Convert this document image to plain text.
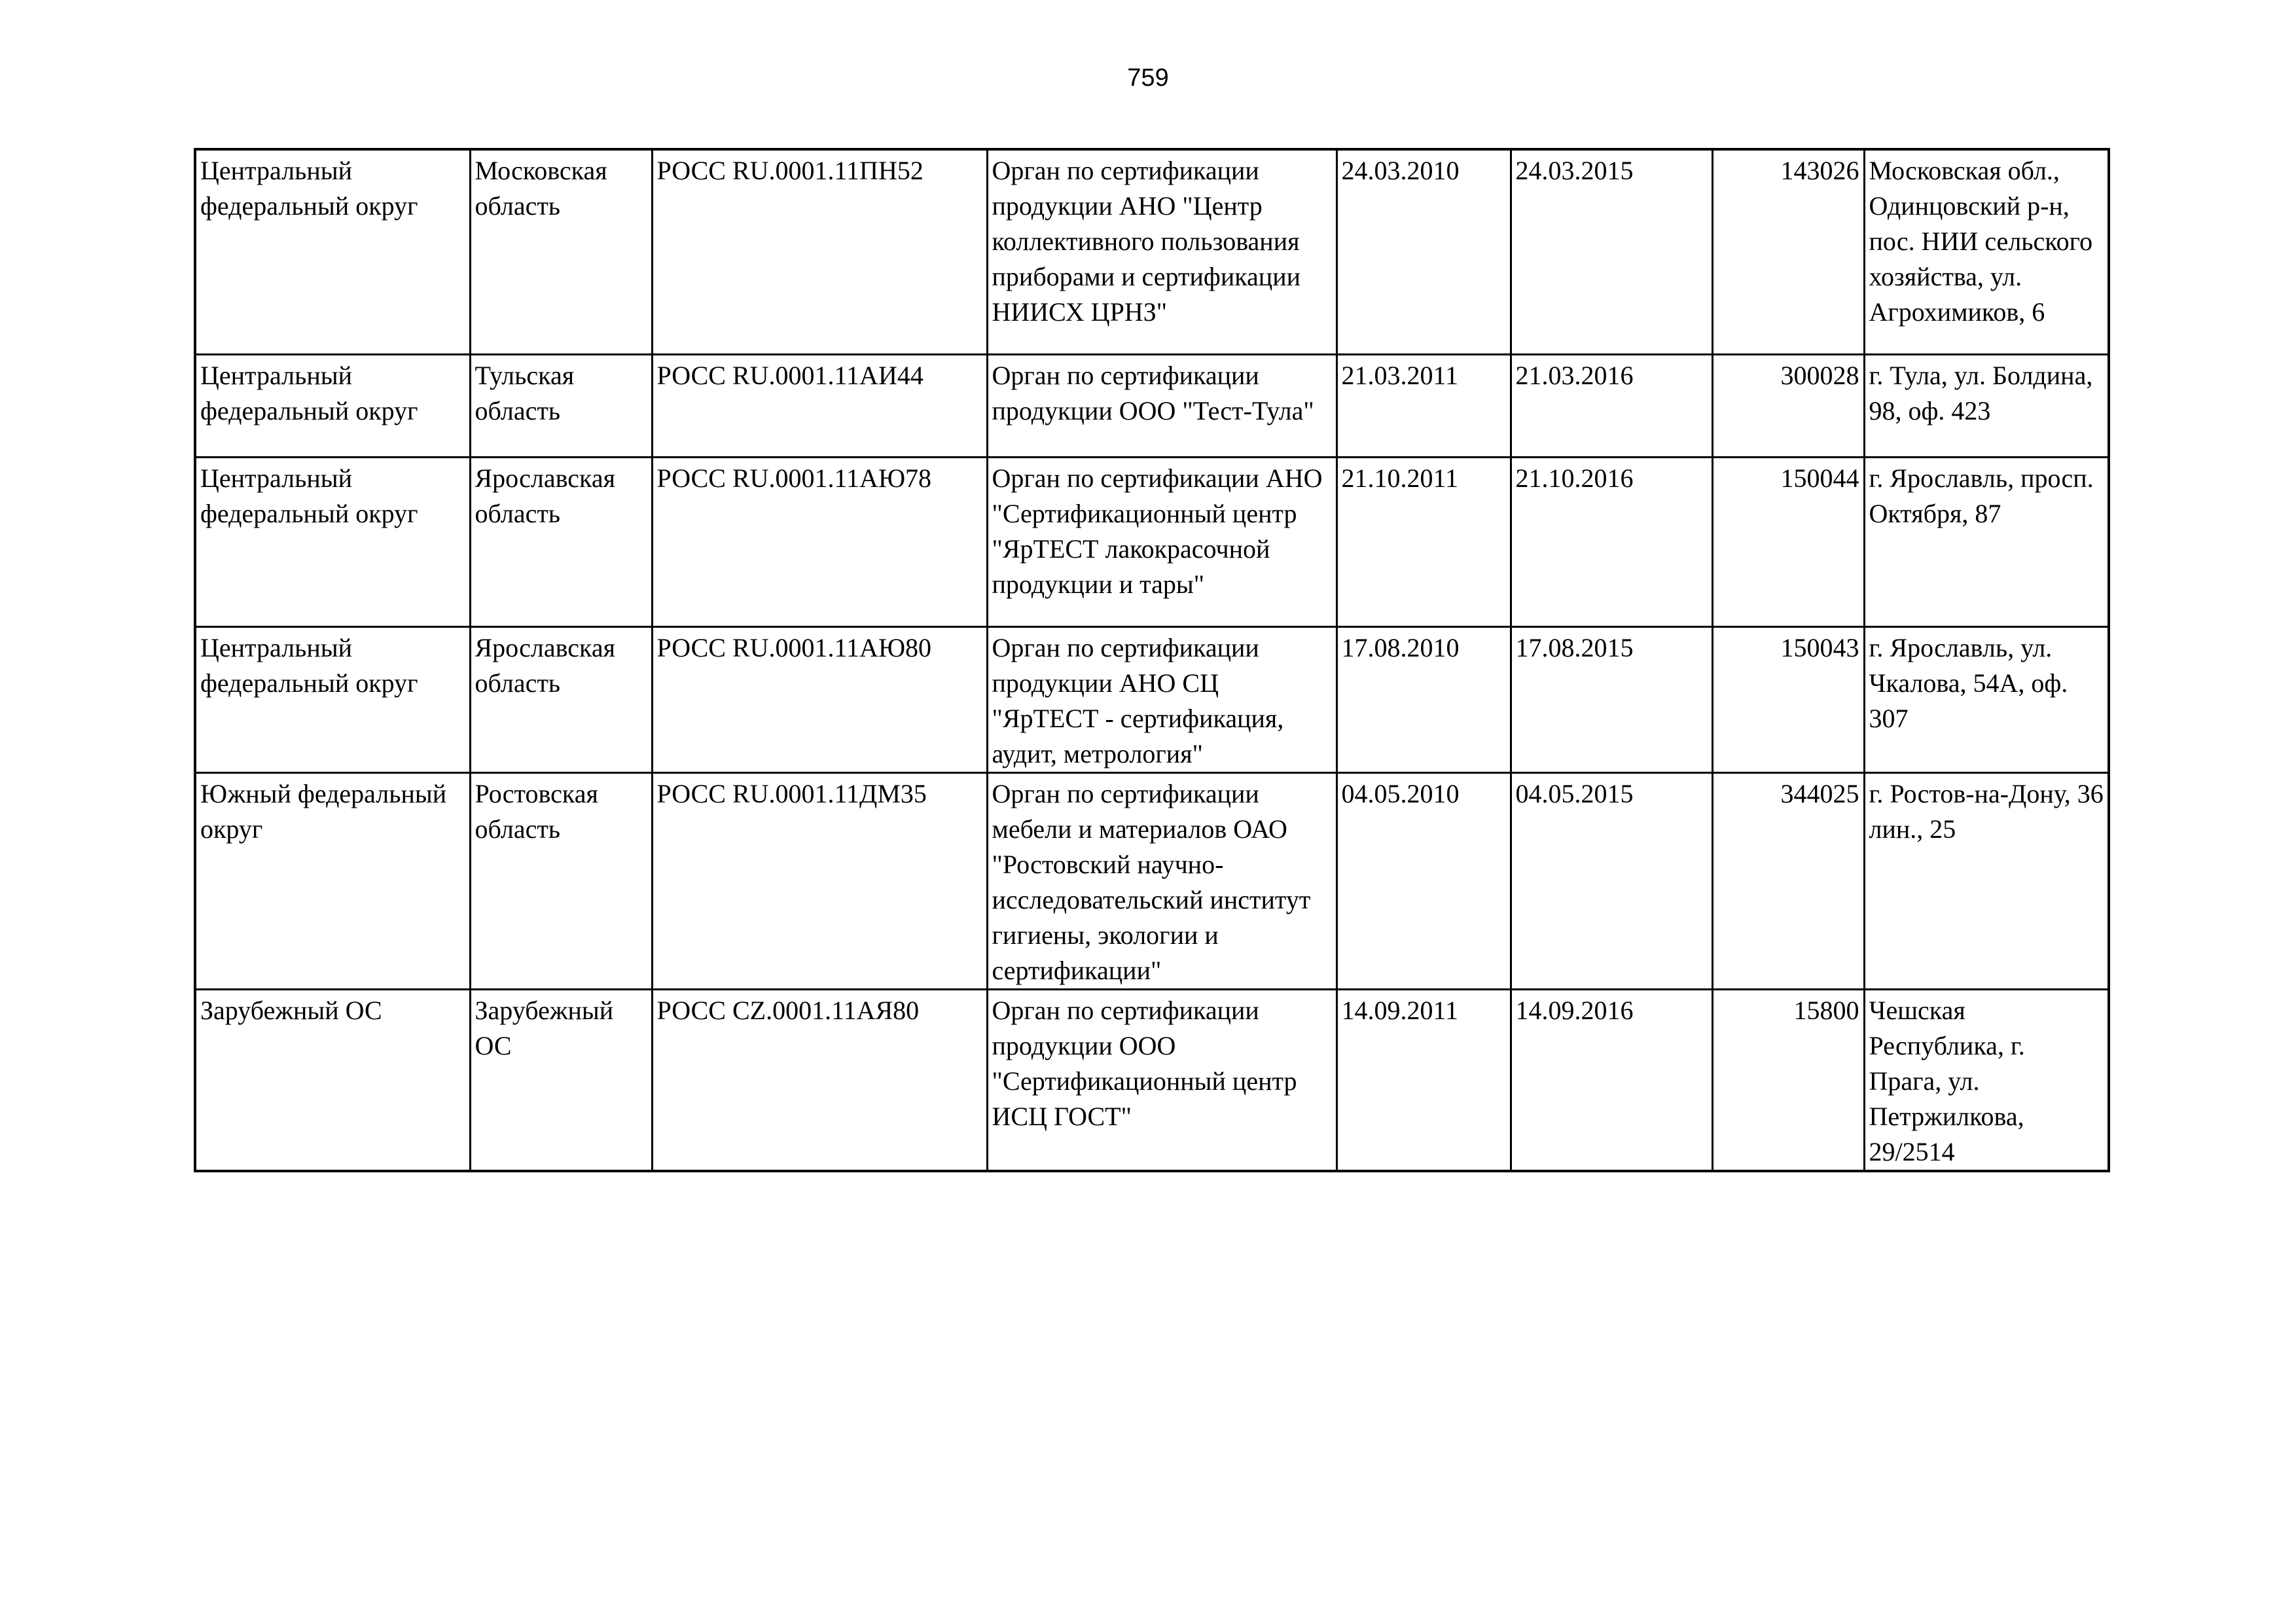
759
Центральный федеральный округ	Московская область	РОСС RU.0001.11ПН52	Орган по сертификации продукции АНО "Центр коллективного пользования приборами и сертификации НИИСХ ЦРНЗ"	24.03.2010	24.03.2015	143026	Московская обл., Одинцовский р-н, пос. НИИ сельского хозяйства, ул. Агрохимиков, 6
Центральный федеральный округ	Тульская область	РОСС RU.0001.11АИ44	Орган по сертификации продукции ООО "Тест-Тула"	21.03.2011	21.03.2016	300028	г. Тула, ул. Болдина, 98, оф. 423
Центральный федеральный округ	Ярославская область	РОСС RU.0001.11АЮ78	Орган по сертификации АНО "Сертификационный центр "ЯрТЕСТ лакокрасочной продукции и тары"	21.10.2011	21.10.2016	150044	г. Ярославль, просп. Октября, 87
Центральный федеральный округ	Ярославская область	РОСС RU.0001.11АЮ80	Орган по сертификации продукции АНО СЦ "ЯрТЕСТ - сертификация, аудит, метрология"	17.08.2010	17.08.2015	150043	г. Ярославль, ул. Чкалова, 54А, оф. 307
Южный федеральный округ	Ростовская область	РОСС RU.0001.11ДМ35	Орган по сертификации мебели и материалов ОАО "Ростовский научно-исследовательский институт гигиены, экологии и сертификации"	04.05.2010	04.05.2015	344025	г. Ростов-на-Дону, 36 лин., 25
Зарубежный ОС	Зарубежный ОС	РОСС CZ.0001.11АЯ80	Орган по сертификации продукции ООО "Сертификационный центр ИСЦ ГОСТ"	14.09.2011	14.09.2016	15800	Чешская Республика, г. Прага, ул. Петржилкова, 29/2514
